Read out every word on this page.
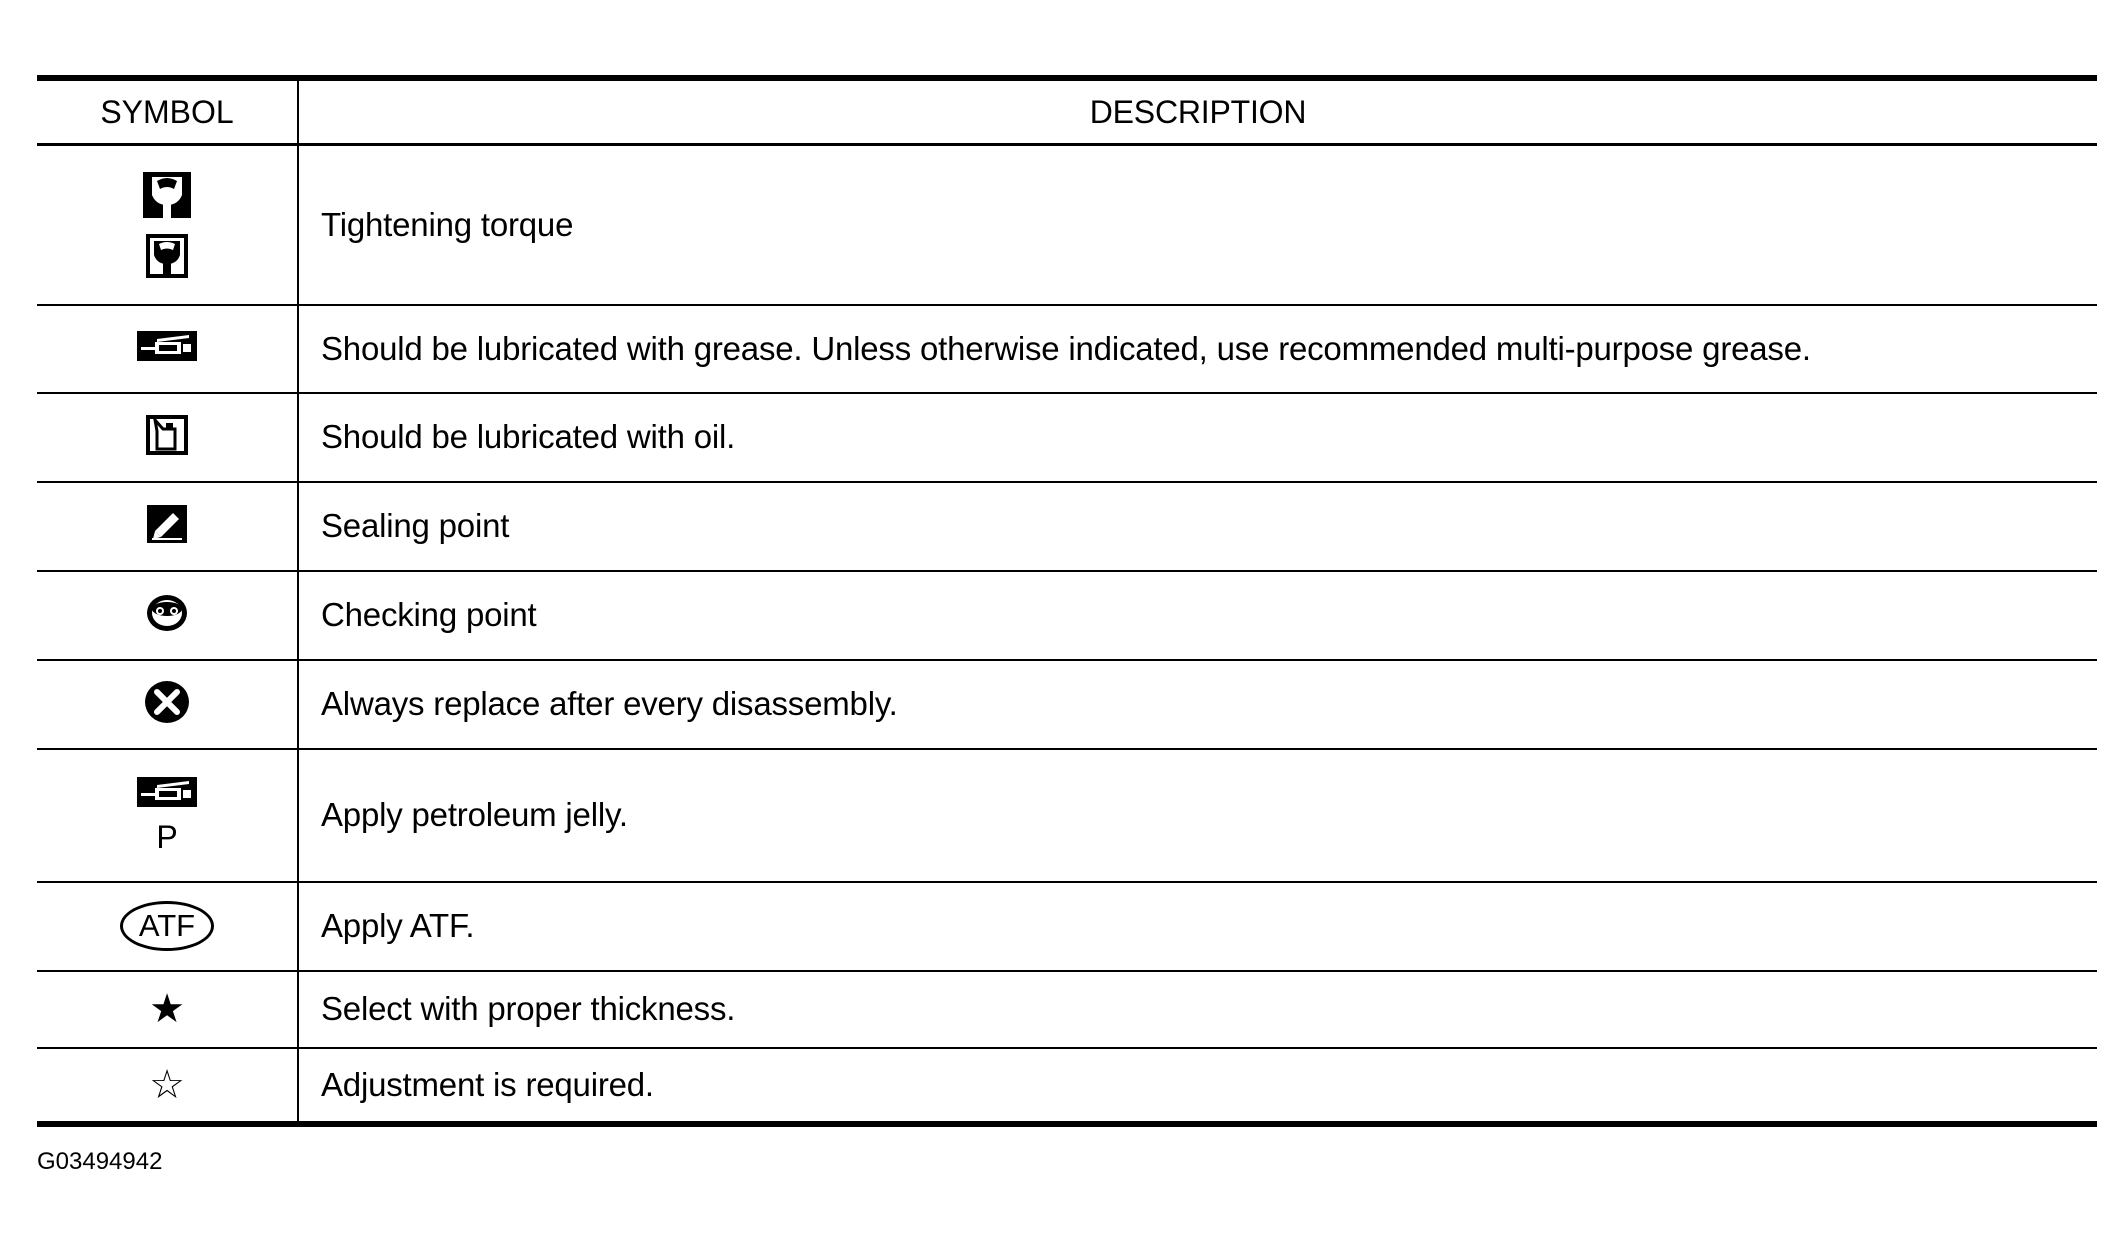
SYMBOL	DESCRIPTION

	Tightening torque

	Should be lubricated with grease. Unless otherwise indicated, use recommended multi-purpose grease.

	Should be lubricated with oil.

	Sealing point

	Checking point

	Always replace after every disassembly.

P	Apply petroleum jelly.
ATF	Apply ATF.
★	Select with proper thickness.
☆	Adjustment is required.
G03494942
